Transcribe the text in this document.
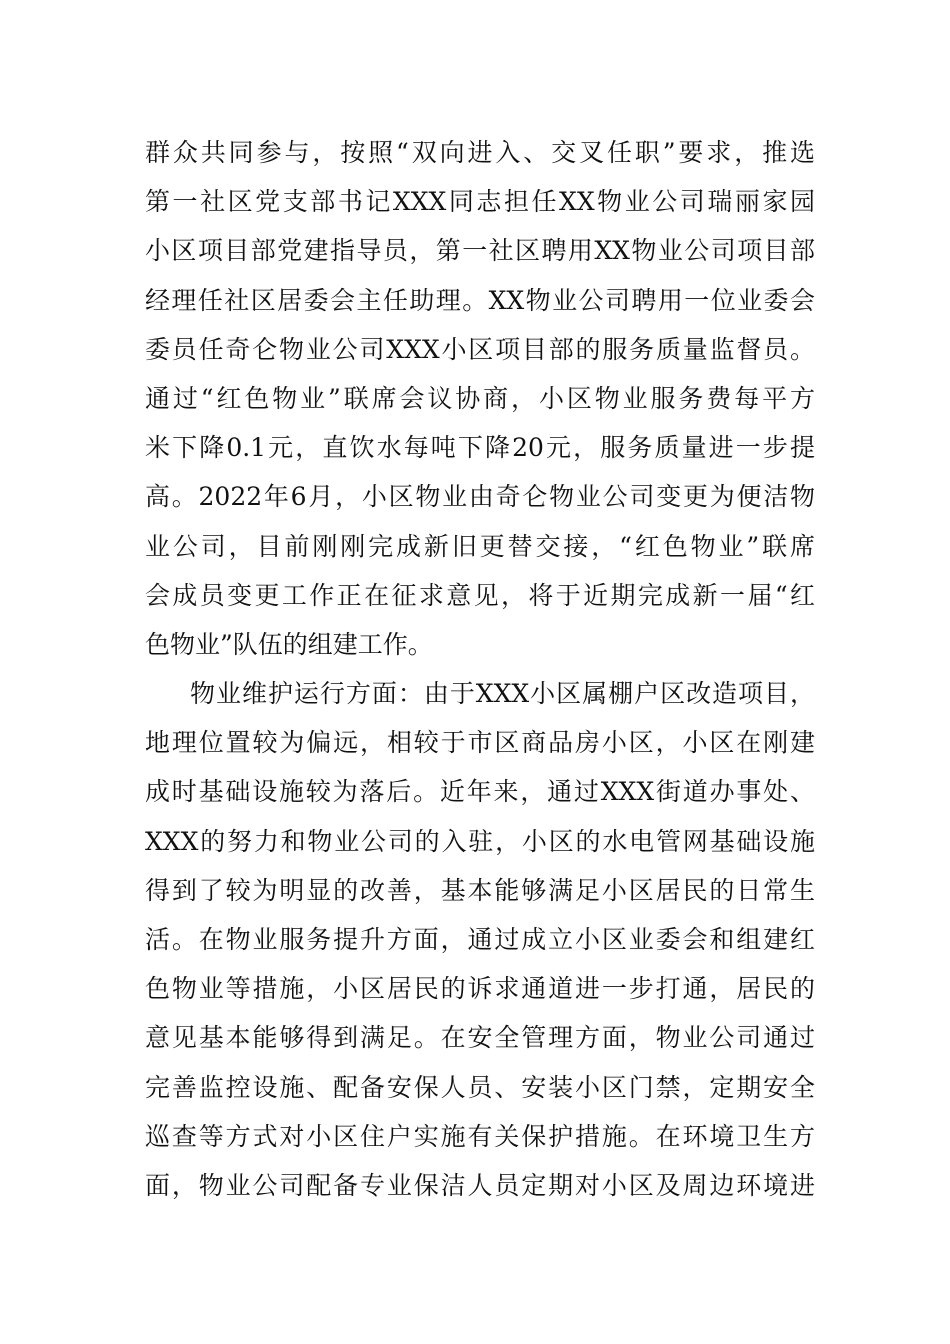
群众共同参与，按照“双向进入、交叉任职”要求，推选
第一社区党支部书记XXX同志担任XX物业公司瑞丽家园
小区项目部党建指导员，第一社区聘用XX物业公司项目部
经理任社区居委会主任助理。XX物业公司聘用一位业委会
委员任奇仑物业公司XXX小区项目部的服务质量监督员。
通过“红色物业”联席会议协商，小区物业服务费每平方
米下降0.1元，直饮水每吨下降20元，服务质量进一步提
高。2022年6月，小区物业由奇仑物业公司变更为便洁物
业公司，目前刚刚完成新旧更替交接，“红色物业”联席
会成员变更工作正在征求意见，将于近期完成新一届“红
色物业”队伍的组建工作。
物业维护运行方面：由于XXX小区属棚户区改造项目，
地理位置较为偏远，相较于市区商品房小区，小区在刚建
成时基础设施较为落后。近年来，通过XXX街道办事处、
XXX的努力和物业公司的入驻，小区的水电管网基础设施
得到了较为明显的改善，基本能够满足小区居民的日常生
活。在物业服务提升方面，通过成立小区业委会和组建红
色物业等措施，小区居民的诉求通道进一步打通，居民的
意见基本能够得到满足。在安全管理方面，物业公司通过
完善监控设施、配备安保人员、安装小区门禁，定期安全
巡查等方式对小区住户实施有关保护措施。在环境卫生方
面，物业公司配备专业保洁人员定期对小区及周边环境进
